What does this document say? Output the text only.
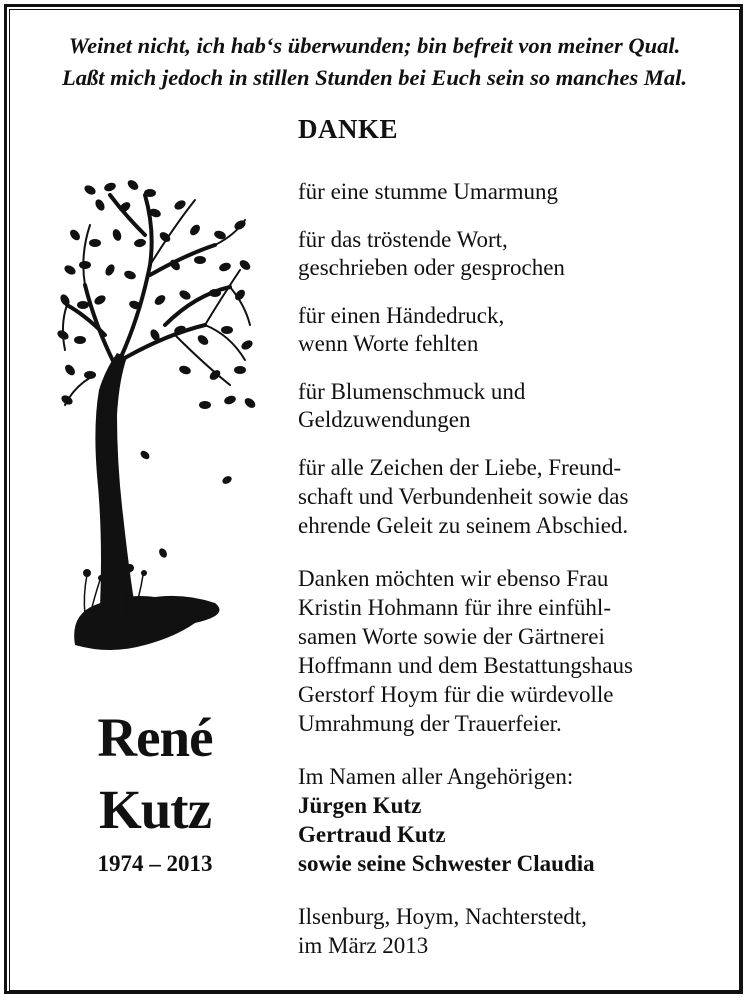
Weinet nicht, ich hab‘s überwunden; bin befreit von meiner Qual.
Laßt mich jedoch in stillen Stunden bei Euch sein so manches Mal.
DANKE
für eine stumme Umarmung
für das tröstende Wort,
geschrieben oder gesprochen
für einen Händedruck,
wenn Worte fehlten
für Blumenschmuck und
Geldzuwendungen
für alle Zeichen der Liebe, Freund-
schaft und Verbundenheit sowie das
ehrende Geleit zu seinem Abschied.
Danken möchten wir ebenso Frau
Kristin Hohmann für ihre einfühl-
samen Worte sowie der Gärtnerei
Hoffmann und dem Bestattungshaus
Gerstorf Hoym für die würdevolle
Umrahmung der Trauerfeier.
Im Namen aller Angehörigen:
Jürgen Kutz
Gertraud Kutz
sowie seine Schwester Claudia
Ilsenburg, Hoym, Nachterstedt,
im März 2013
René
Kutz
1974 – 2013
